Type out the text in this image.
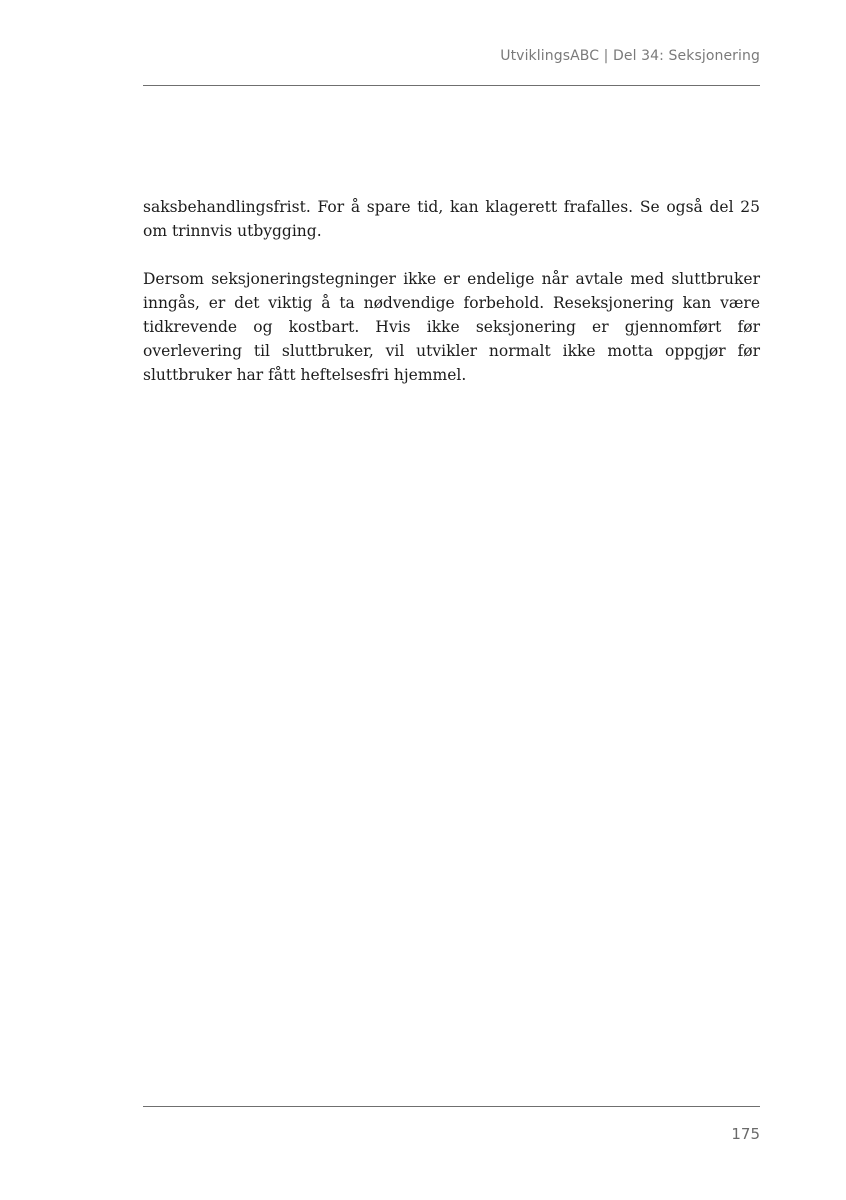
UtviklingsABC | Del 34: Seksjonering

saksbehandlingsfrist. For å spare tid, kan klagerett frafalles. Se også del 25 om trinnvis utbygging.

Dersom seksjoneringstegninger ikke er endelige når avtale med sluttbruker inngås, er det viktig å ta nødvendige forbehold. Reseksjonering kan være tidkrevende og kostbart. Hvis ikke seksjonering er gjennomført før overlevering til sluttbruker, vil utvikler normalt ikke motta oppgjør før sluttbruker har fått heftelsesfri hjemmel.

175
